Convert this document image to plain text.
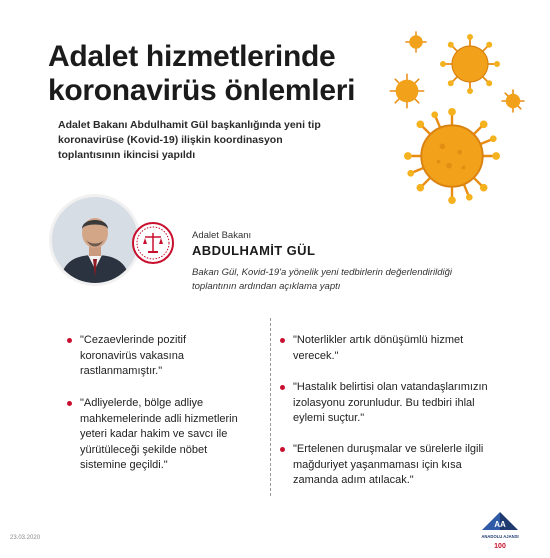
Adalet hizmetlerinde
koronavirüs önlemleri

Adalet Bakanı Abdulhamit Gül başkanlığında yeni tip koronavirüse (Kovid-19) ilişkin koordinasyon toplantısının ikincisi yapıldı

Adalet Bakanı
ABDULHAMİT GÜL

Bakan Gül, Kovid-19'a yönelik yeni tedbirlerin değerlendirildiği toplantının ardından açıklama yaptı

"Cezaevlerinde pozitif koronavirüs vakasına rastlanmamıştır."
"Adliyelerde, bölge adliye mahkemelerinde adli hizmetlerin yeteri kadar hakim ve savcı ile yürütüleceği şekilde nöbet sistemine geçildi."
"Noterlikler artık dönüşümlü hizmet verecek."
"Hastalık belirtisi olan vatandaşlarımızın izolasyonu zorunludur. Bu tedbiri ihlal eylemi suçtur."
"Ertelenen duruşmalar ve sürelerle ilgili mağduriyet yaşanmaması için kısa zamanda adım atılacak."
23.03.2020
AA
ANADOLU AJANSI
100
